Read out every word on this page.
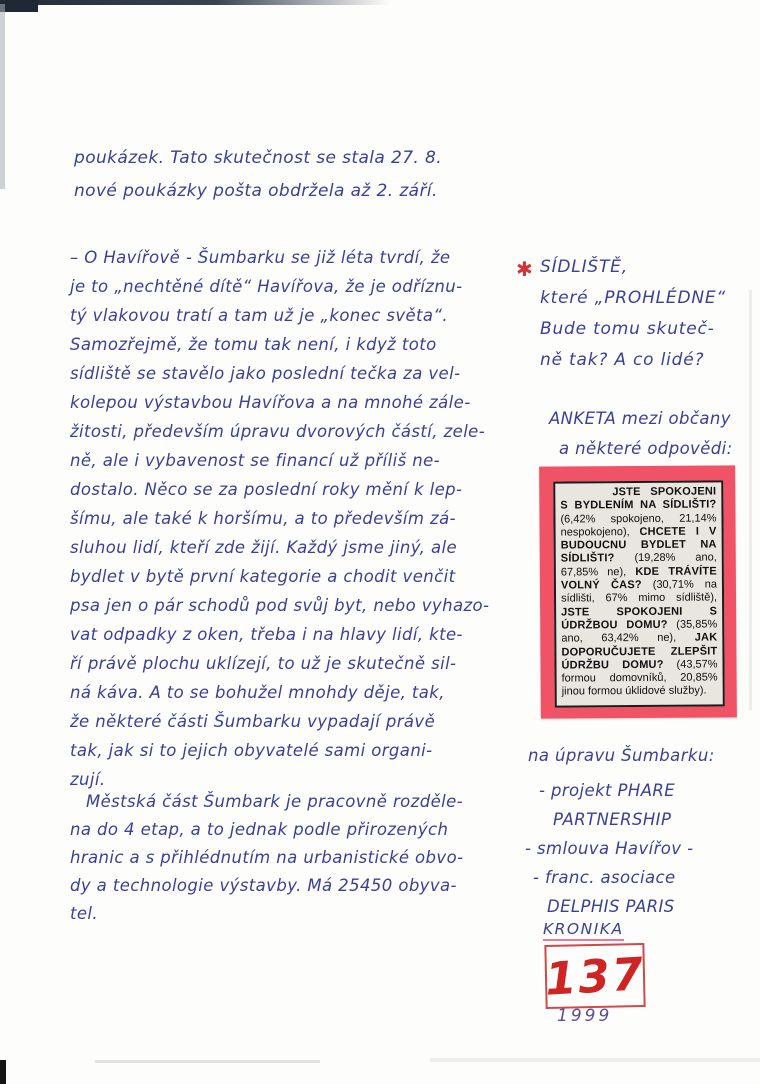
poukázek. Tato skutečnost se stala 27. 8.
nové poukázky pošta obdržela až 2. září.
– O Havířově - Šumbarku se již léta tvrdí, že
je to „nechtěné dítě“ Havířova, že je odříznu-
tý vlakovou tratí a tam už je „konec světa“.
Samozřejmě, že tomu tak není, i když toto
sídliště se stavělo jako poslední tečka za vel-
kolepou výstavbou Havířova a na mnohé zále-
žitosti, především úpravu dvorových částí, zele-
ně, ale i vybavenost se financí už příliš ne-
dostalo. Něco se za poslední roky mění k lep-
šímu, ale také k horšímu, a to především zá-
sluhou lidí, kteří zde žijí. Každý jsme jiný, ale
bydlet v bytě první kategorie a chodit venčit
psa jen o pár schodů pod svůj byt, nebo vyhazo-
vat odpadky z oken, třeba i na hlavy lidí, kte-
ří právě plochu uklízejí, to už je skutečně sil-
ná káva. A to se bohužel mnohdy děje, tak,
že některé části Šumbarku vypadají právě
tak, jak si to jejich obyvatelé sami organi-
zují.
Městská část Šumbark je pracovně rozděle-
na do 4 etap, a to jednak podle přirozených
hranic a s přihlédnutím na urbanistické obvo-
dy a technologie výstavby. Má 25450 obyva-
tel.
✱ SÍDLIŠTĚ,
které „PROHLÉDNE“
Bude tomu skuteč-
ně tak? A co lidé?
ANKETA mezi občany
a některé odpovědi:
JSTE SPOKOJENI S BYDLENÍM NA SÍDLIŠTI? (6,42% spokojeno, 21,14% nespokojeno), CHCETE I V BUDOUCNU BYDLET NA SÍDLIŠTI? (19,28% ano, 67,85% ne), KDE TRÁVÍTE VOLNÝ ČAS? (30,71% na sídlišti, 67% mimo sídliště), JSTE SPOKOJENI S ÚDRŽBOU DOMU? (35,85% ano, 63,42% ne), JAK DOPORUČUJETE ZLEPŠIT ÚDRŽBU DOMU? (43,57% formou domovníků, 20,85% jinou formou úklidové služby).
na úpravu Šumbarku:
- projekt PHARE
PARTNERSHIP
- smlouva Havířov -
- franc. asociace
DELPHIS PARIS
KRONIKA
137
1999
